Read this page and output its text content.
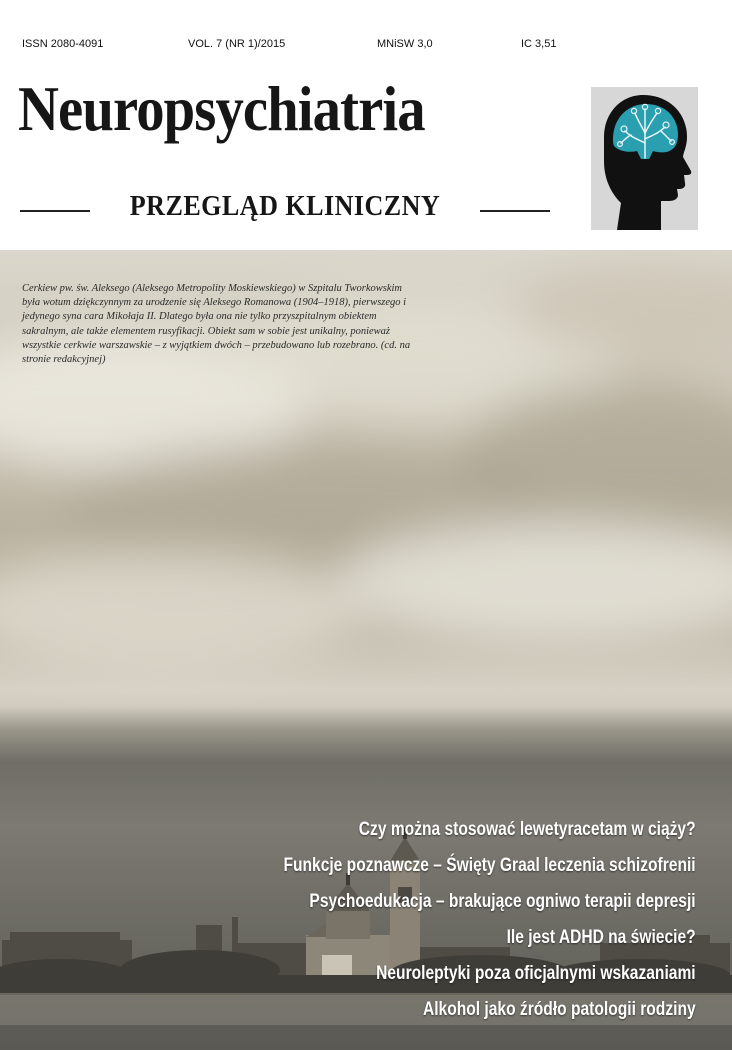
ISSN 2080-4091	VOL. 7 (NR 1)/2015	MNiSW 3,0	IC 3,51
Neuropsychiatria
PRZEGLĄD KLINICZNY

Cerkiew pw. św. Aleksego (Aleksego Metropolity Moskiewskiego) w Szpitalu Tworkowskim była wotum dziękczynnym za urodzenie się Aleksego Romanowa (1904–1918), pierwszego i jedynego syna cara Mikołaja II. Dlatego była ona nie tylko przyszpitalnym obiektem sakralnym, ale także elementem rusyfikacji. Obiekt sam w sobie jest unikalny, ponieważ wszystkie cerkwie warszawskie – z wyjątkiem dwóch – przebudowano lub rozebrano. (cd. na stronie redakcyjnej)

Czy można stosować lewetyracetam w ciąży?
Funkcje poznawcze – Święty Graal leczenia schizofrenii
Psychoedukacja – brakujące ogniwo terapii depresji
Ile jest ADHD na świecie?
Neuroleptyki poza oficjalnymi wskazaniami
Alkohol jako źródło patologii rodziny
